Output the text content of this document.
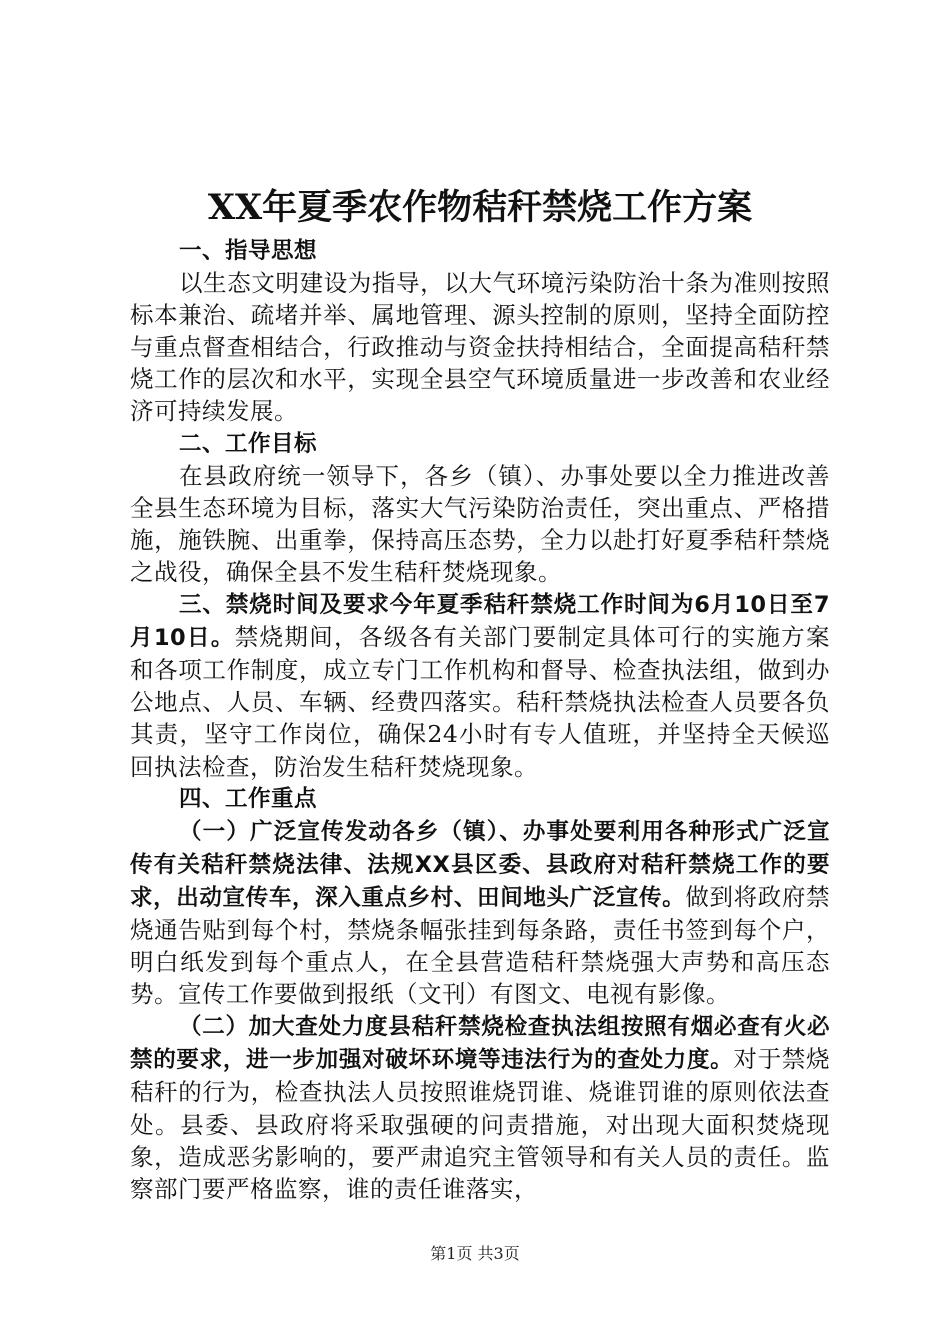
XX年夏季农作物秸秆禁烧工作方案

一、指导思想

以生态文明建设为指导，以大气环境污染防治十条为准则按照标本兼治、疏堵并举、属地管理、源头控制的原则，坚持全面防控与重点督查相结合，行政推动与资金扶持相结合，全面提高秸秆禁烧工作的层次和水平，实现全县空气环境质量进一步改善和农业经济可持续发展。

二、工作目标

在县政府统一领导下，各乡（镇）、办事处要以全力推进改善全县生态环境为目标，落实大气污染防治责任，突出重点、严格措施，施铁腕、出重拳，保持高压态势，全力以赴打好夏季秸秆禁烧之战役，确保全县不发生秸秆焚烧现象。

三、禁烧时间及要求今年夏季秸秆禁烧工作时间为6月10日至7月10日。禁烧期间，各级各有关部门要制定具体可行的实施方案和各项工作制度，成立专门工作机构和督导、检查执法组，做到办公地点、人员、车辆、经费四落实。秸秆禁烧执法检查人员要各负其责，坚守工作岗位，确保24小时有专人值班，并坚持全天候巡回执法检查，防治发生秸秆焚烧现象。

四、工作重点

（一）广泛宣传发动各乡（镇）、办事处要利用各种形式广泛宣传有关秸秆禁烧法律、法规XX县区委、县政府对秸秆禁烧工作的要求，出动宣传车，深入重点乡村、田间地头广泛宣传。做到将政府禁烧通告贴到每个村，禁烧条幅张挂到每条路，责任书签到每个户，明白纸发到每个重点人，在全县营造秸秆禁烧强大声势和高压态势。宣传工作要做到报纸（文刊）有图文、电视有影像。

（二）加大查处力度县秸秆禁烧检查执法组按照有烟必查有火必禁的要求，进一步加强对破坏环境等违法行为的查处力度。对于禁烧秸秆的行为，检查执法人员按照谁烧罚谁、烧谁罚谁的原则依法查处。县委、县政府将采取强硬的问责措施，对出现大面积焚烧现象，造成恶劣影响的，要严肃追究主管领导和有关人员的责任。监察部门要严格监察，谁的责任谁落实，

第1页 共3页
